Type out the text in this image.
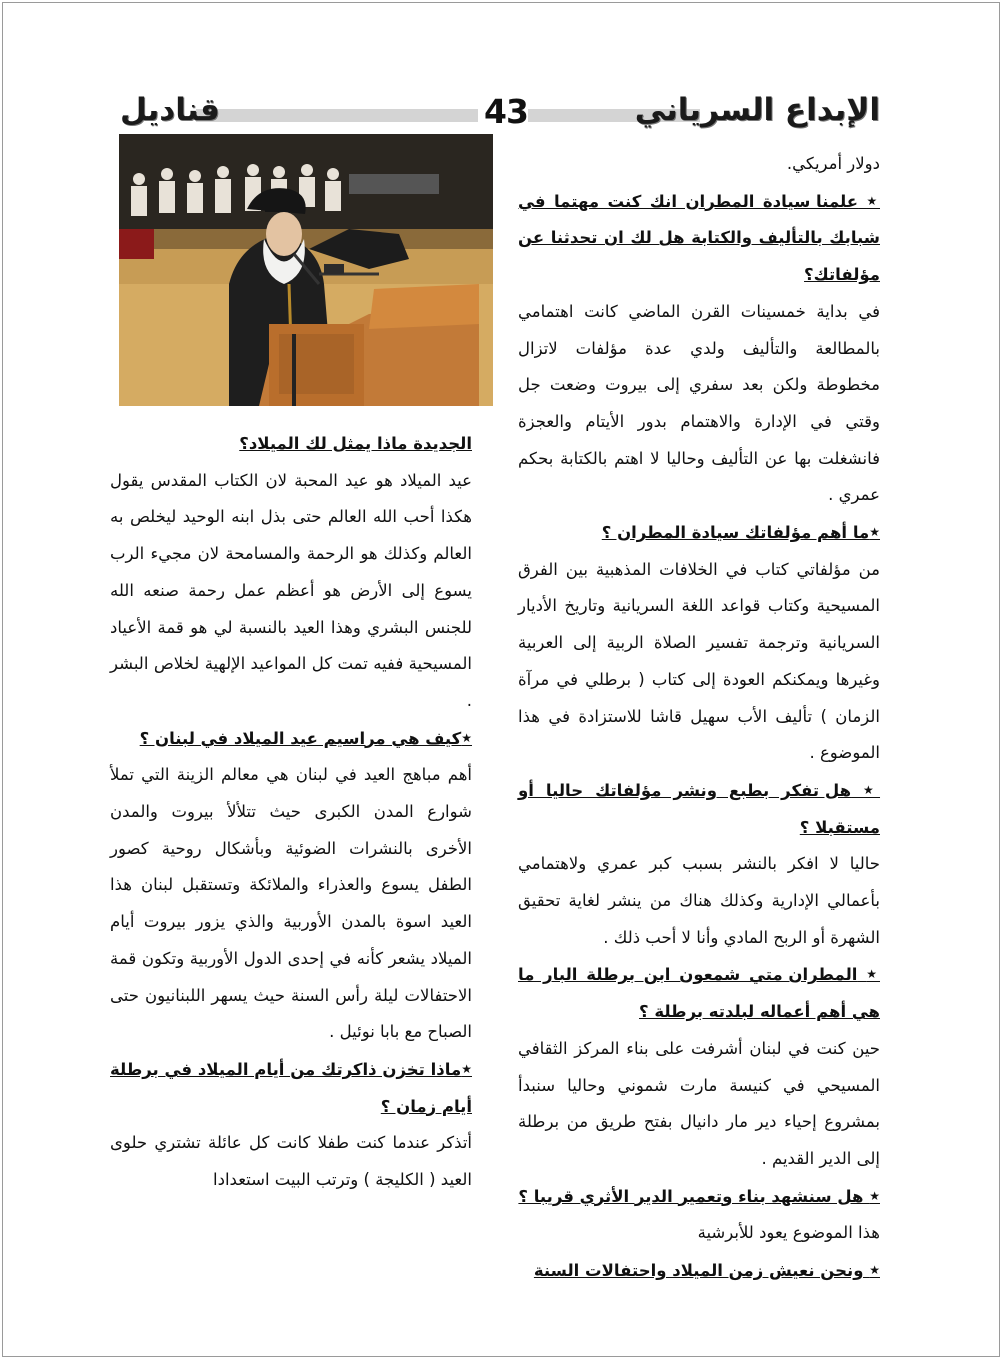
الإبداع السرياني
43
قناديل

دولار أمريكي.

★ علمنا سيادة المطران انك كنت مهتما في شبابك بالتأليف والكتابة هل لك ان تحدثنا عن مؤلفاتك؟

في بداية خمسينات القرن الماضي كانت اهتمامي بالمطالعة والتأليف ولدي عدة مؤلفات لاتزال مخطوطة ولكن بعد سفري إلى بيروت وضعت جل وقتي في الإدارة والاهتمام بدور الأيتام والعجزة فانشغلت بها عن التأليف وحاليا لا اهتم بالكتابة بحكم عمري .

★ما أهم مؤلفاتك سيادة المطران ؟

من مؤلفاتي كتاب في الخلافات المذهبية بين الفرق المسيحية وكتاب قواعد اللغة السريانية وتاريخ الأديار السريانية وترجمة تفسير الصلاة الربية إلى العربية وغيرها ويمكنكم العودة إلى كتاب ( برطلي في مرآة الزمان ) تأليف الأب سهيل قاشا للاستزادة في هذا الموضوع .

★ هل تفكر بطبع ونشر مؤلفاتك حاليا أو مستقبلا ؟

حاليا لا افكر بالنشر بسبب كبر عمري ولاهتمامي بأعمالي الإدارية وكذلك هناك من ينشر لغاية تحقيق الشهرة أو الربح المادي وأنا لا أحب ذلك .

★ المطران متي شمعون ابن برطلة البار ما هي أهم أعماله لبلدته برطلة ؟

حين كنت في لبنان أشرفت على بناء المركز الثقافي المسيحي في كنيسة مارت شموني وحاليا سنبدأ بمشروع إحياء دير مار دانيال بفتح طريق من برطلة إلى الدير القديم .

★ هل سنشهد بناء وتعمير الدير الأثري قريبا ؟

هذا الموضوع يعود للأبرشية

★ ونحن نعيش زمن الميلاد واحتفالات السنة

الجديدة ماذا يمثل لك الميلاد؟

عيد الميلاد هو عيد المحبة لان الكتاب المقدس يقول هكذا أحب الله العالم حتى بذل ابنه الوحيد ليخلص به العالم وكذلك هو الرحمة والمسامحة لان مجيء الرب يسوع إلى الأرض هو أعظم عمل رحمة صنعه الله للجنس البشري وهذا العيد بالنسبة لي هو قمة الأعياد المسيحية ففيه تمت كل المواعيد الإلهية لخلاص البشر .

★كيف هي مراسيم عيد الميلاد في لبنان ؟

أهم مباهج العيد في لبنان هي معالم الزينة التي تملأ شوارع المدن الكبرى حيث تتلألأ بيروت والمدن الأخرى بالنشرات الضوئية وبأشكال روحية كصور الطفل يسوع والعذراء والملائكة وتستقبل لبنان هذا العيد اسوة بالمدن الأوربية والذي يزور بيروت أيام الميلاد يشعر كأنه في إحدى الدول الأوربية وتكون قمة الاحتفالات ليلة رأس السنة حيث يسهر اللبنانيون حتى الصباح مع بابا نوئيل .

★ماذا تخزن ذاكرتك من أيام الميلاد في برطلة أيام زمان ؟

أتذكر عندما كنت طفلا كانت كل عائلة تشتري حلوى العيد ( الكليجة ) وترتب البيت استعدادا
